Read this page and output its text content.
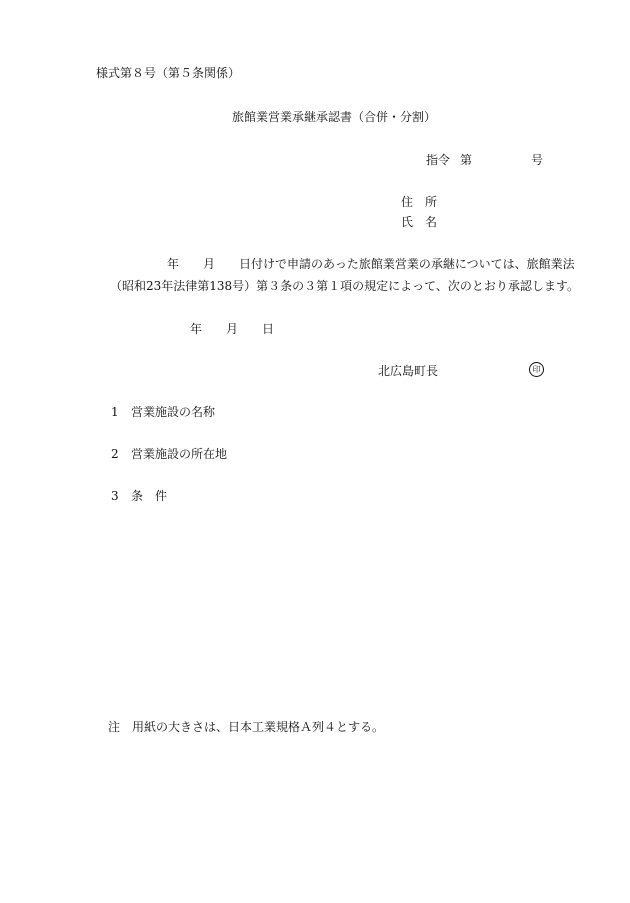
様式第８号（第５条関係）
旅館業営業承継承認書（合併・分割）
指令 第	号
住　所
氏　名
年　　月　　日付けで申請のあった旅館業営業の承継については、旅館業法
（昭和23年法律第138号）第３条の３第１項の規定によって、次のとおり承認します。
年　　月　　日
北広島町長	印
1 営業施設の名称
2 営業施設の所在地
3 条　件
注　用紙の大きさは、日本工業規格Ａ列４とする。
